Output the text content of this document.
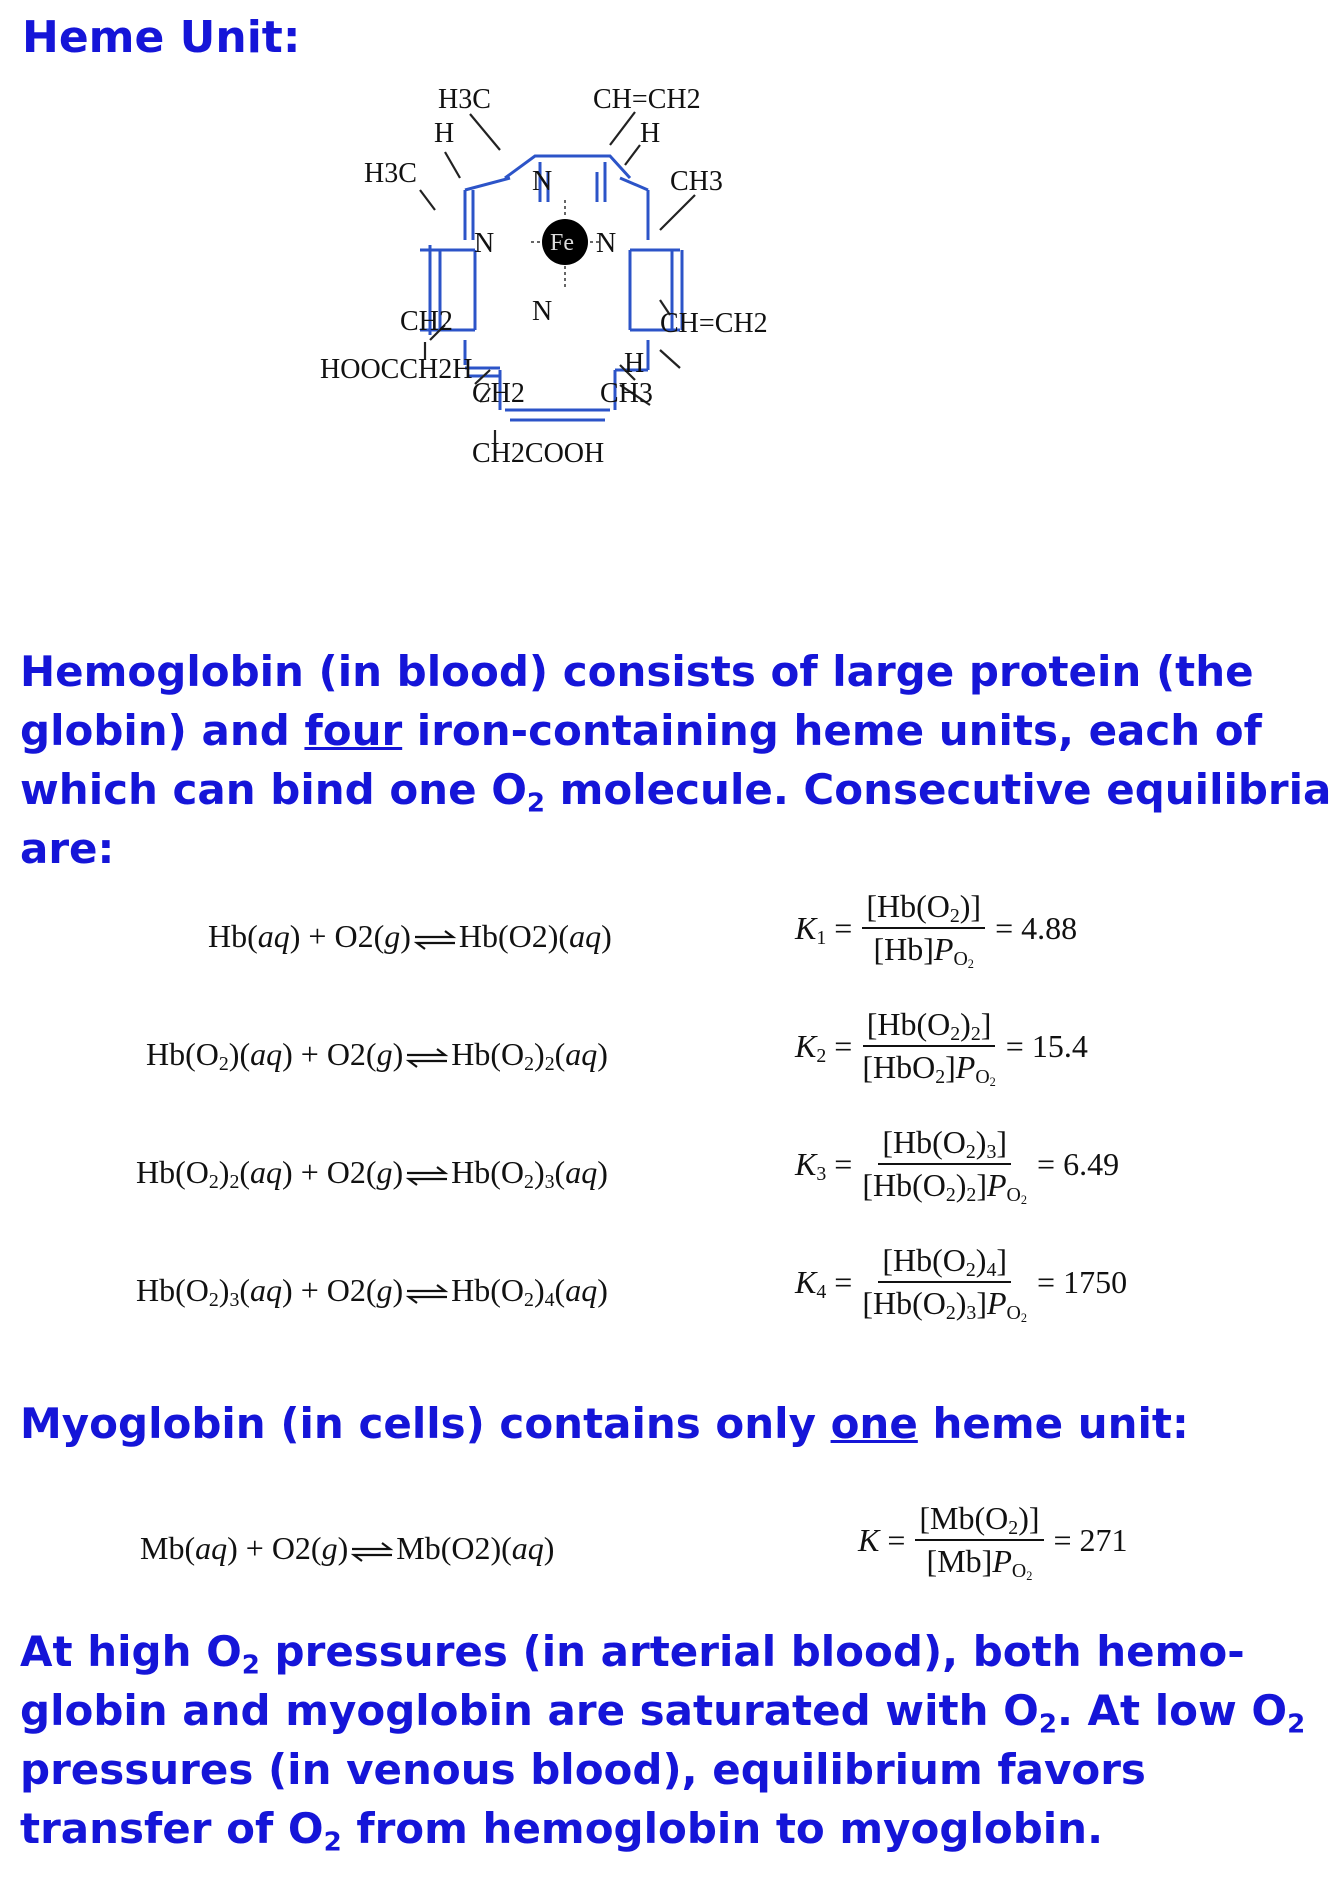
Heme Unit:
H3C	CH=CH2
H	H
H3C	CH3
N
N Fe N
N
CH2	CH=CH2
HOOCCH2H	H
CH2	CH3
CH2COOH

Hemoglobin (in blood) consists of large protein (the globin) and four iron-containing heme units, each of which can bind one $O_2$ molecule. Consecutive equilibria are:

Hb(aq) + O2(g) ⇌ Hb(O2)(aq)	$K1 = \frac{[Hb(O2)]}{[Hb]PO2} = 4.88$
Hb(O2)(aq) + O2(g) ⇌ Hb(O2)2(aq)	$K2 = \frac{[Hb(O2)2]}{\text{[HbO2]PO2}} = 15.4$
Hb(O2)2(aq) + O2(g) ⇌ Hb(O2)3(aq)	$K3 = \frac{[Hb(O2)3]}{[Hb(O2)2]PO2} = 6.49$
Hb(O2)3(aq) + O2(g) ⇌ Hb(O2)4(aq)	$K4 = \frac{[Hb(O2)4]}{[Hb(O2)3]PO2} = 1750$

Myoglobin (in cells) contains only one heme unit:

Mb(aq) + O2(g) ⇌ Mb(O2)(aq)	$K = \frac{[Mb(O2)]}{[Mb]PO2} = 271$

At high $O_2$ pressures (in arterial blood), both hemo-globin and myoglobin are saturated with $O_2$. At low $O_2$ pressures (in venous blood), equilibrium favors transfer of $O_2$ from hemoglobin to myoglobin.
